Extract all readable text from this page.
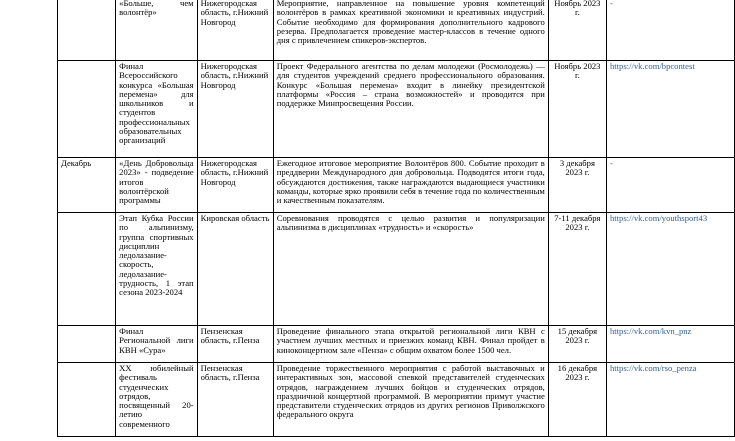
	«Больше, чем волонтёр»	Нижегородская область, г.Нижний Новгород	Мероприятие, направленное на повышение уровня компетенций волонтёров в рамках креативной экономики и креативных индустрий. Событие необходимо для формирования дополнительного кадрового резерва. Предполагается проведение мастер-классов в течение одного дня с привлечением спикеров-экспертов.	Ноябрь 2023 г.	-
	Финал Всероссийского конкурса «Большая перемена» для школьников и студентов профессиональных образовательных организаций	Нижегородская область, г.Нижний Новгород	Проект Федерального агентства по делам молодежи (Росмолодежь) — для студентов учреждений среднего профессионального образования. Конкурс «Большая перемена» входит в линейку президентской платформы «Россия – страна возможностей» и проводится при поддержке Минпросвещения России.	Ноябрь 2023 г.	https://vk.com/bpcontest
Декабрь	«День Добровольца 2023» - подведение итогов волонтёрской программы	Нижегородская область, г.Нижний Новгород	Ежегодное итоговое мероприятие Волонтёров 800. Событие проходит в преддверии Международного дня добровольца. Подводятся итоги года, обсуждаются достижения, также награждаются выдающиеся участники команды, которые ярко проявили себя в течение года по количественным и качественным показателям.	3 декабря 2023 г.	-
	Этап Кубка России по альпинизму, группа спортивных дисциплин ледолазание-скорость, ледолазание-трудность, 1 этап сезона 2023-2024	Кировская область	Соревнования проводятся с целью развития и популяризации альпинизма в дисциплинах «трудность» и «скорость»	7-11 декабря 2023 г.	https://vk.com/youthsport43
	Финал Региональной лиги КВН «Сура»	Пензенская область, г.Пенза	Проведение финального этапа открытой региональной лиги КВН с участием лучших местных и приезжих команд КВН. Финал пройдет в киноконцертном зале «Пенза» с общим охватом более 1500 чел.	15 декабря 2023 г.	https://vk.com/kvn_pnz
	XX юбилейный фестиваль студенческих отрядов, посвященный 20-летию современного	Пензенская область, г.Пенза	Проведение торжественного мероприятия с работой выставочных и интерактивных зон, массовой спевкой представителей студенческих отрядов, награждением лучших бойцов и студенческих отрядов, праздничной концертной программой. В мероприятии примут участие представители студенческих отрядов из других регионов Приволжского федерального округа	16 декабря 2023 г.	https://vk.com/rso_penza
